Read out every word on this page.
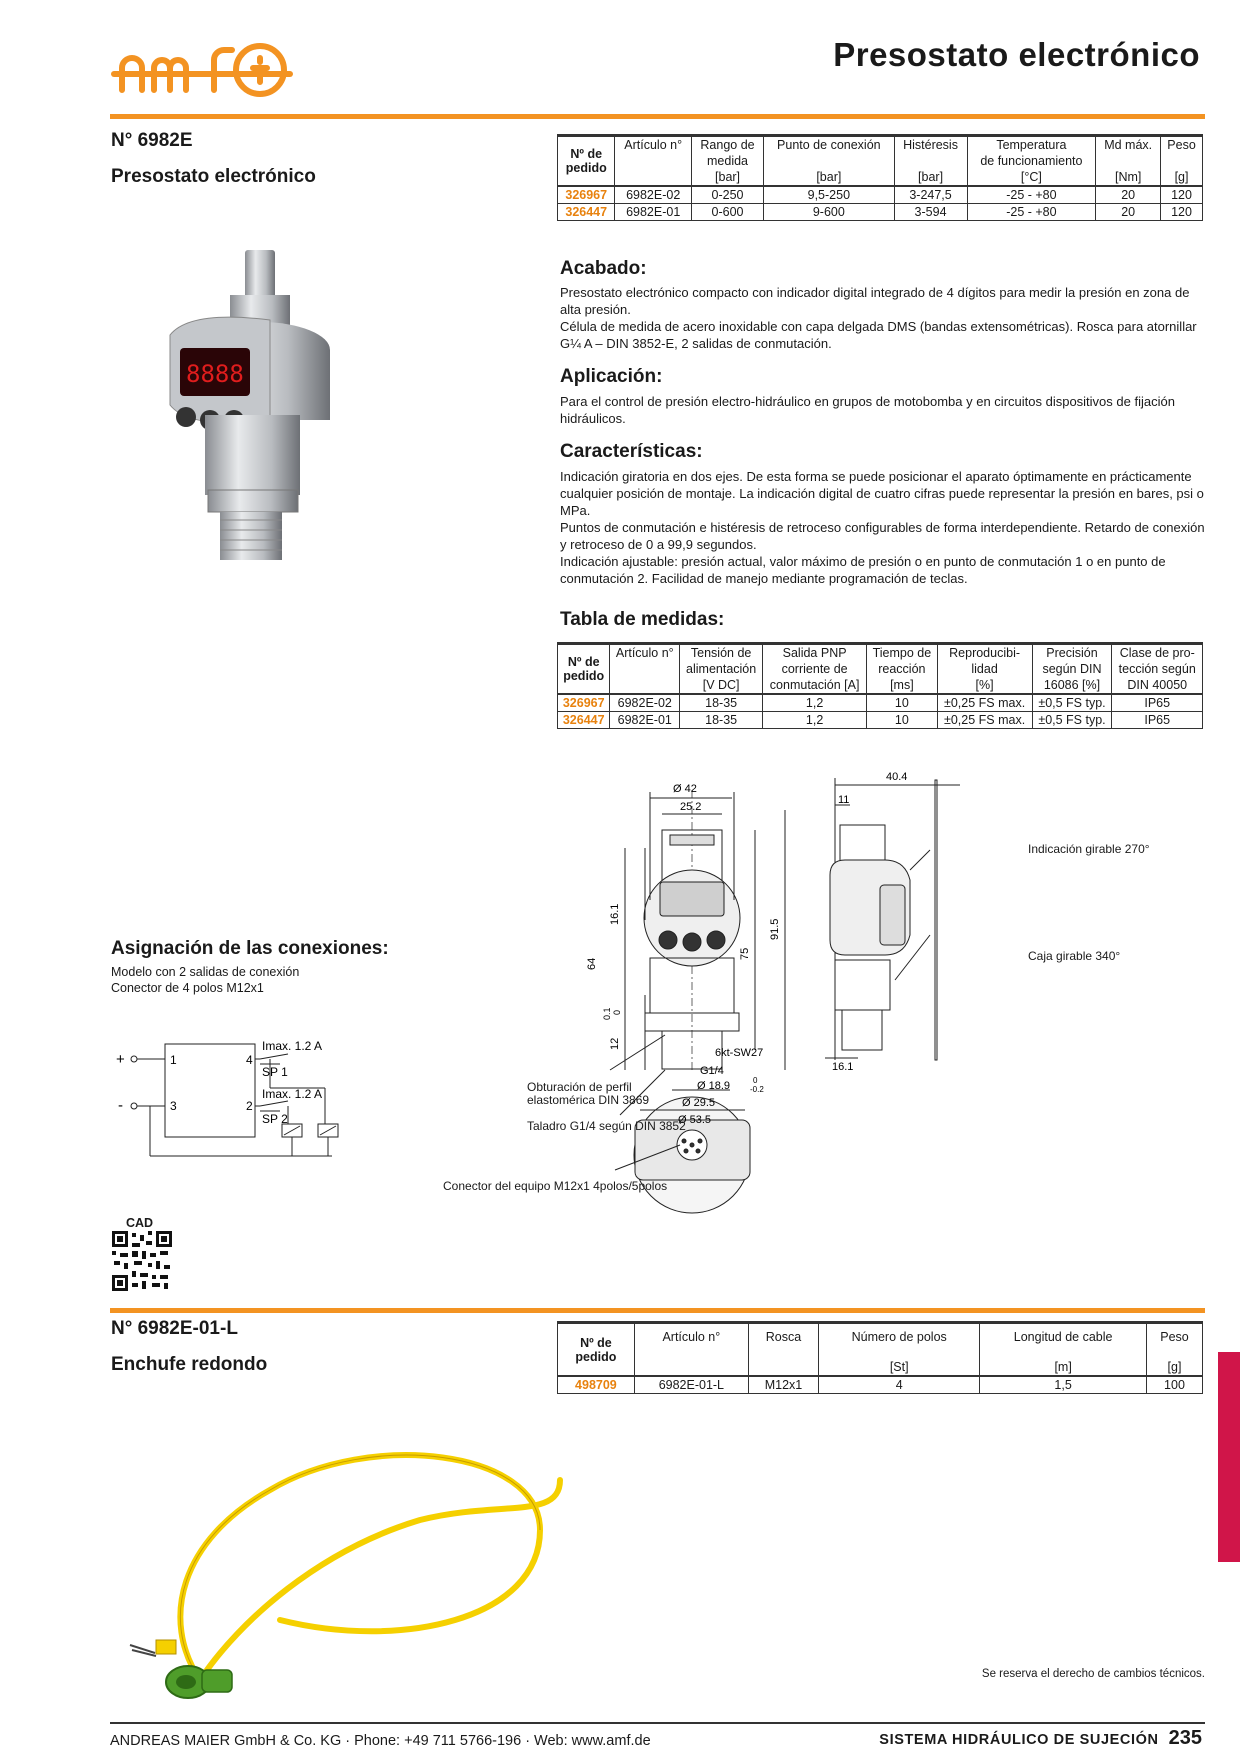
Presostato electrónico
N° 6982E
Presostato electrónico
8888
Nº de
pedido	Artículo n°	Rango de	Punto de conexión	Histéresis	Temperatura	Md máx.	Peso
		medida			de funcionamiento		
		[bar]	[bar]	[bar]	[°C]	[Nm]	[g]
326967	6982E-02	0-250	9,5-250	3-247,5	-25 - +80	20	120
326447	6982E-01	0-600	9-600	3-594	-25 - +80	20	120
Acabado:
Presostato electrónico compacto con indicador digital integrado de 4 dígitos para medir la presión en zona de alta presión.
Célula de medida de acero inoxidable con capa delgada DMS (bandas extensométricas). Rosca para atornillar G¼ A – DIN 3852-E, 2 salidas de conmutación.
Aplicación:
Para el control de presión electro-hidráulico en grupos de motobomba y en circuitos dispositivos de fijación hidráulicos.
Características:
Indicación giratoria en dos ejes. De esta forma se puede posicionar el aparato óptimamente en prácticamente cualquier posición de montaje. La indicación digital de cuatro cifras puede representar la presión en bares, psi o MPa.
Puntos de conmutación e histéresis de retroceso configurables de forma interdependiente. Retardo de conexión y retroceso de 0 a 99,9 segundos.
Indicación ajustable: presión actual, valor máximo de presión o en punto de conmutación 1 o en punto de conmutación 2. Facilidad de manejo mediante programación de teclas.
Tabla de medidas:
Nº de
pedido	Artículo n°	Tensión de	Salida PNP	Tiempo de	Reproducibi-	Precisión	Clase de pro-
		alimentación	corriente de	reacción	lidad	según DIN	tección según
		[V DC]	conmutación [A]	[ms]	[%]	16086 [%]	DIN 40050
326967	6982E-02	18-35	1,2	10	±0,25 FS max.	±0,5 FS typ.	IP65
326447	6982E-01	18-35	1,2	10	±0,25 FS max.	±0,5 FS typ.	IP65
Ø 42
25.2
16.1
64
75
91.5
0.1 0
12
6kt-SW27
G1/4
Ø 18.9	0
-0.2
Ø 29.5
Ø 53.5
40.4
11
16.1
Indicación girable 270°
Caja girable 340°
Obturación de perfil
elastomérica DIN 3869
Taladro G1/4 según DIN 3852
Conector del equipo M12x1 4polos/5polos
Asignación de las conexiones:
Modelo con 2 salidas de conexión
Conector de 4 polos M12x1
+
-
1	4
3	2
Imax. 1.2 A
SP 1
Imax. 1.2 A
SP 2
CAD
N° 6982E-01-L
Enchufe redondo
Nº de
pedido	Artículo n°	Rosca	Número de polos	Longitud de cable	Peso

			[St]	[m]	[g]
498709	6982E-01-L	M12x1	4	1,5	100
Se reserva el derecho de cambios técnicos.
ANDREAS MAIER GmbH & Co. KG · Phone: +49 711 5766-196 · Web: www.amf.de	SISTEMA HIDRÁULICO DE SUJECIÓN 235
